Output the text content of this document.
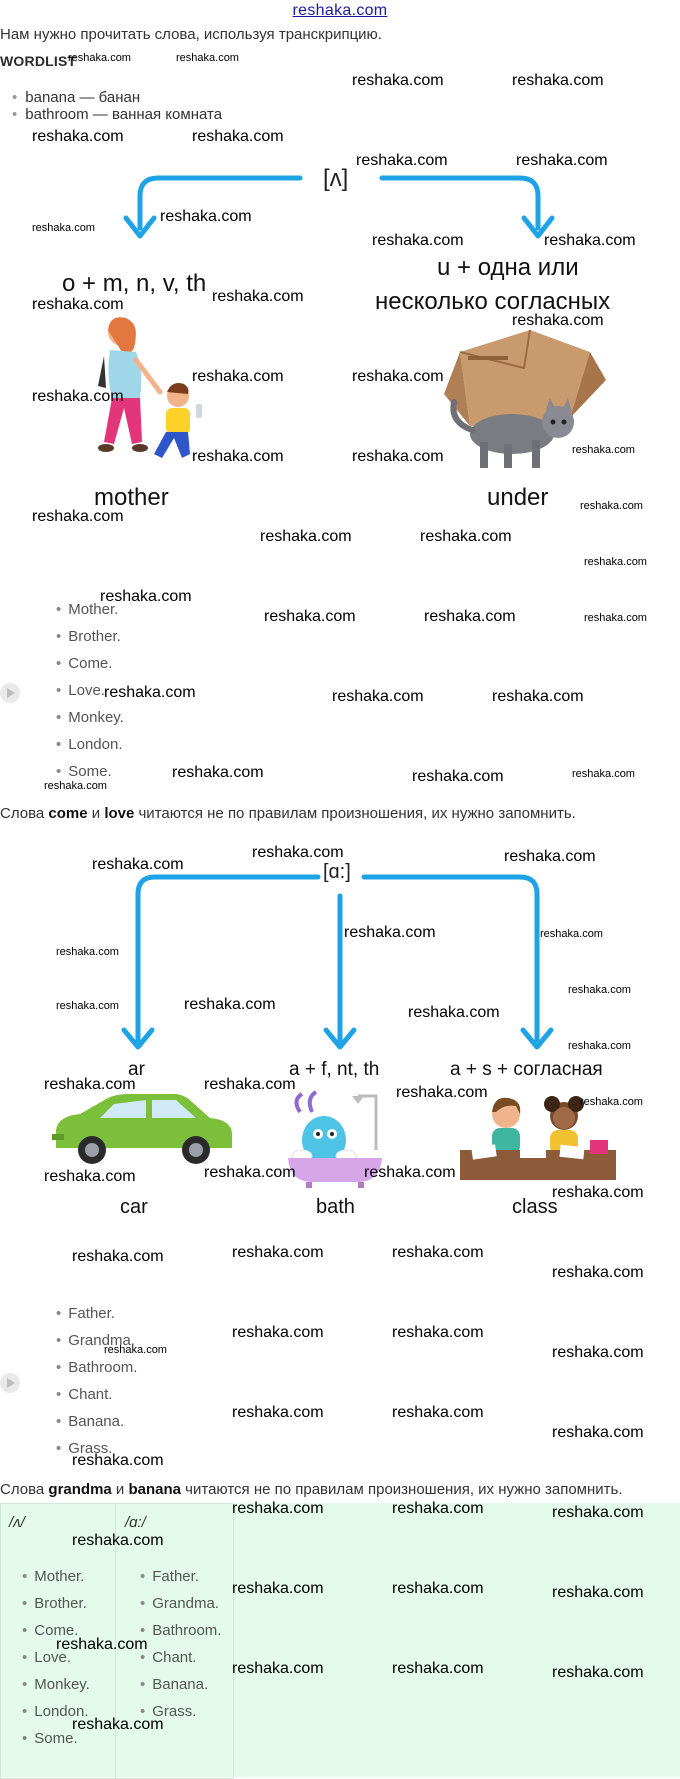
reshaka.com
Нам нужно прочитать слова, используя транскрипцию.
WORDLIST
• banana — банан
• bathroom — ванная комната
[ʌ]
o + m, n, v, th
u + одна или
несколько согласных
mother	under
• Mother.
• Brother.
• Come.
• Love.
• Monkey.
• London.
• Some.
Слова come и love читаются не по правилам произношения, их нужно запомнить.
[ɑ:]
ar	a + f, nt, th	a + s + согласная
car	bath	class
• Father.
• Grandma.
• Bathroom.
• Chant.
• Banana.
• Grass.
Слова grandma и banana читаются не по правилам произношения, их нужно запомнить.
/ʌ/	/ɑ:/
• Mother.
• Brother.
• Come.
• Love.
• Monkey.
• London.
• Some.
• Father.
• Grandma.
• Bathroom.
• Chant.
• Banana.
• Grass.
reshaka.com	reshaka.com
reshaka.com	reshaka.com
reshaka.com	reshaka.com
reshaka.com	reshaka.com
reshaka.com
reshaka.com
reshaka.com	reshaka.com
reshaka.com	reshaka.com
reshaka.com
reshaka.com	reshaka.com
reshaka.com
reshaka.com	reshaka.com	reshaka.com
reshaka.com
reshaka.com
reshaka.com	reshaka.com
reshaka.com
reshaka.com
reshaka.com	reshaka.com	reshaka.com
reshaka.com	reshaka.com	reshaka.com
reshaka.com	reshaka.com	reshaka.com
reshaka.com
reshaka.com
reshaka.com	reshaka.com
reshaka.com	reshaka.com
reshaka.com
reshaka.com
reshaka.com
reshaka.com	reshaka.com
reshaka.com
reshaka.com	reshaka.com	reshaka.com
reshaka.com
reshaka.com	reshaka.com	reshaka.com
reshaka.com
reshaka.com	reshaka.com	reshaka.com
reshaka.com
reshaka.com	reshaka.com
reshaka.com
reshaka.com
reshaka.com	reshaka.com
reshaka.com
reshaka.com
reshaka.com	reshaka.com	reshaka.com
reshaka.com
reshaka.com	reshaka.com	reshaka.com
reshaka.com
reshaka.com	reshaka.com	reshaka.com
reshaka.com
